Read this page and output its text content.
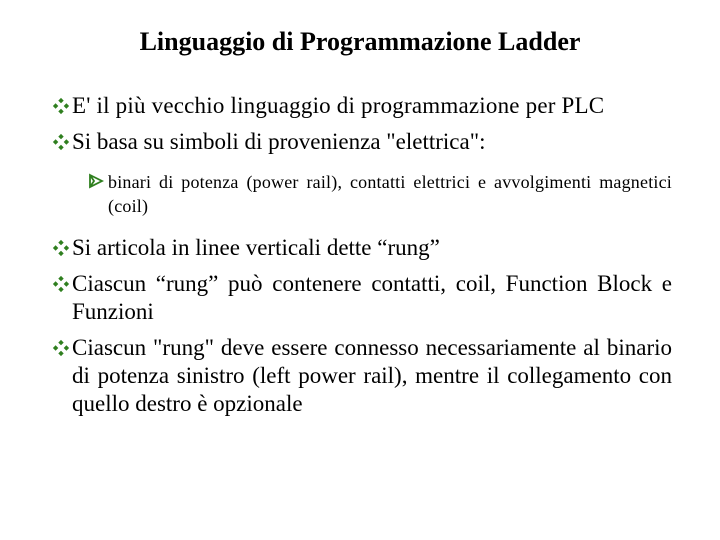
Linguaggio di Programmazione Ladder
E' il più vecchio linguaggio di programmazione per PLC
Si basa su simboli di provenienza "elettrica":
binari di potenza (power rail), contatti elettrici e avvolgimenti magnetici (coil)
Si articola in linee verticali dette “rung”
Ciascun “rung” può contenere contatti, coil, Function Block e Funzioni
Ciascun "rung" deve essere connesso necessariamente al binario di potenza sinistro (left power rail), mentre il collegamento con quello destro è opzionale
